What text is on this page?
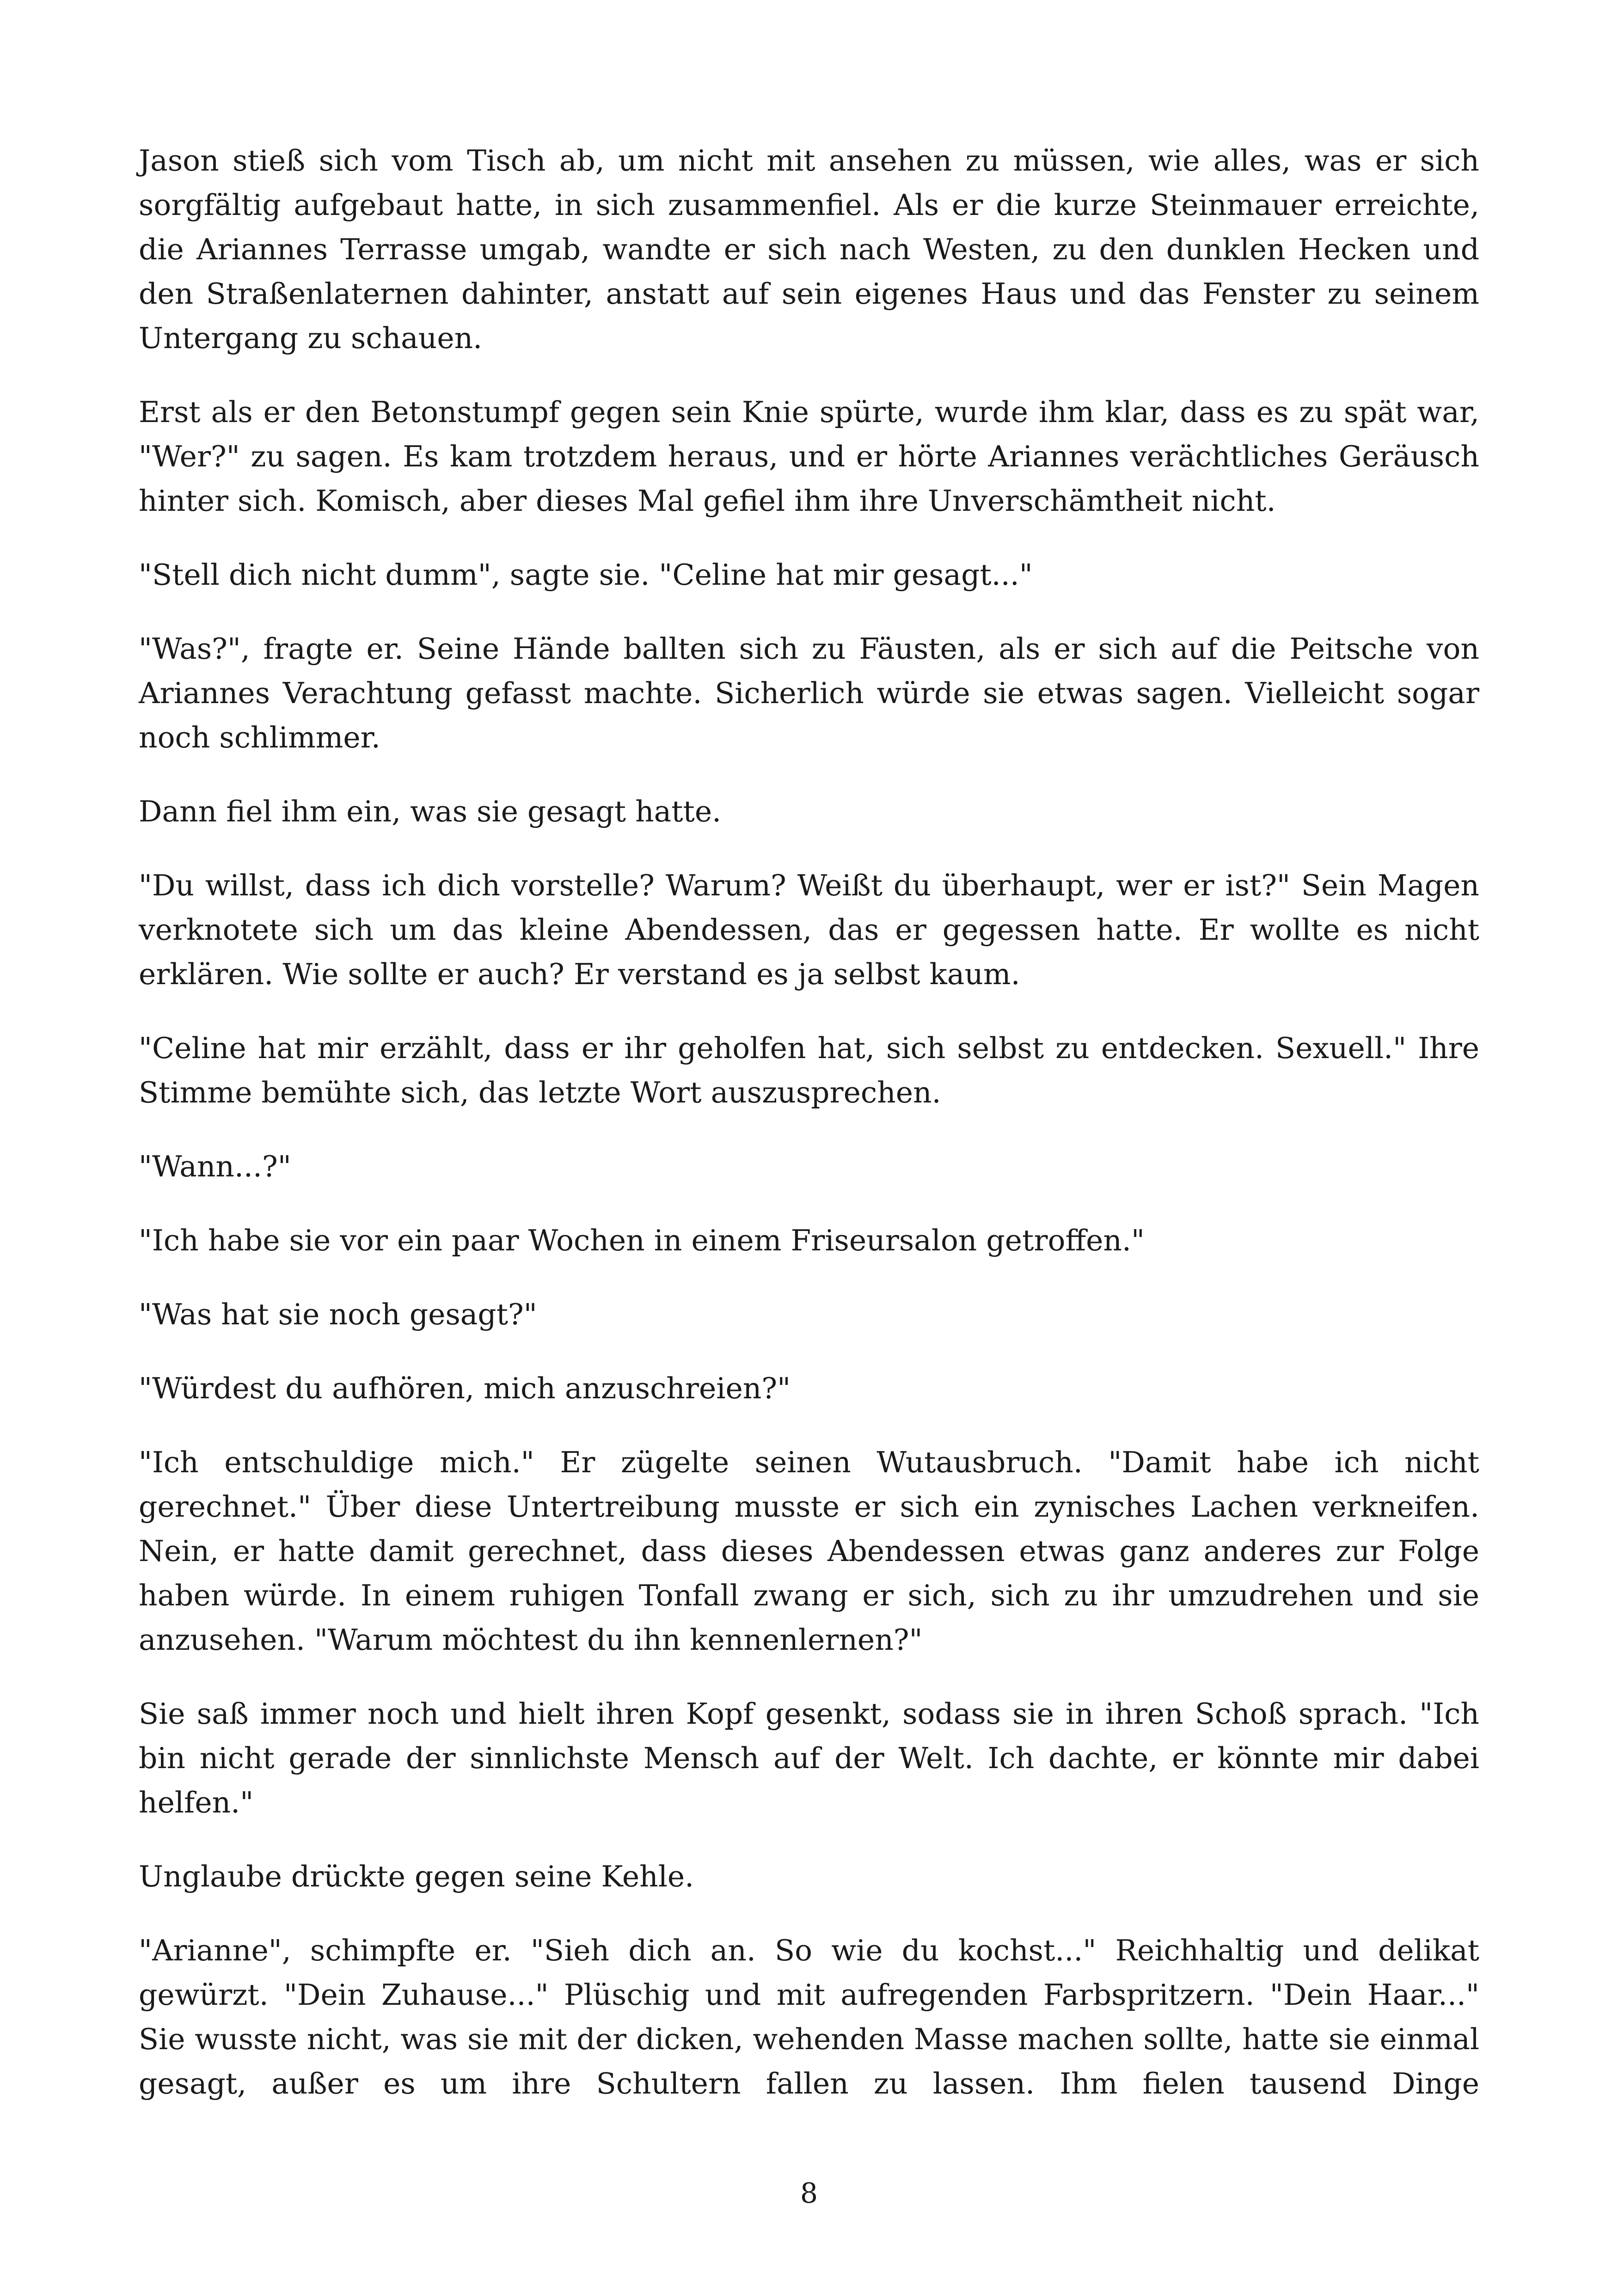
Jason stieß sich vom Tisch ab, um nicht mit ansehen zu müssen, wie alles, was er sich sorgfältig aufgebaut hatte, in sich zusammenfiel. Als er die kurze Steinmauer erreichte, die Ariannes Terrasse umgab, wandte er sich nach Westen, zu den dunklen Hecken und den Straßenlaternen dahinter, anstatt auf sein eigenes Haus und das Fenster zu seinem Untergang zu schauen.

Erst als er den Betonstumpf gegen sein Knie spürte, wurde ihm klar, dass es zu spät war, "Wer?" zu sagen. Es kam trotzdem heraus, und er hörte Ariannes verächtliches Geräusch hinter sich. Komisch, aber dieses Mal gefiel ihm ihre Unverschämtheit nicht.

"Stell dich nicht dumm", sagte sie. "Celine hat mir gesagt..."

"Was?", fragte er. Seine Hände ballten sich zu Fäusten, als er sich auf die Peitsche von Ariannes Verachtung gefasst machte. Sicherlich würde sie etwas sagen. Vielleicht sogar noch schlimmer.

Dann fiel ihm ein, was sie gesagt hatte.

"Du willst, dass ich dich vorstelle? Warum? Weißt du überhaupt, wer er ist?" Sein Magen verknotete sich um das kleine Abendessen, das er gegessen hatte. Er wollte es nicht erklären. Wie sollte er auch? Er verstand es ja selbst kaum.

"Celine hat mir erzählt, dass er ihr geholfen hat, sich selbst zu entdecken. Sexuell." Ihre Stimme bemühte sich, das letzte Wort auszusprechen.

"Wann...?"

"Ich habe sie vor ein paar Wochen in einem Friseursalon getroffen."

"Was hat sie noch gesagt?"

"Würdest du aufhören, mich anzuschreien?"

"Ich entschuldige mich." Er zügelte seinen Wutausbruch. "Damit habe ich nicht gerechnet." Über diese Untertreibung musste er sich ein zynisches Lachen verkneifen. Nein, er hatte damit gerechnet, dass dieses Abendessen etwas ganz anderes zur Folge haben würde. In einem ruhigen Tonfall zwang er sich, sich zu ihr umzudrehen und sie anzusehen. "Warum möchtest du ihn kennenlernen?"

Sie saß immer noch und hielt ihren Kopf gesenkt, sodass sie in ihren Schoß sprach. "Ich bin nicht gerade der sinnlichste Mensch auf der Welt. Ich dachte, er könnte mir dabei helfen."

Unglaube drückte gegen seine Kehle.

"Arianne", schimpfte er. "Sieh dich an. So wie du kochst..." Reichhaltig und delikat gewürzt. "Dein Zuhause..." Plüschig und mit aufregenden Farbspritzern. "Dein Haar..." Sie wusste nicht, was sie mit der dicken, wehenden Masse machen sollte, hatte sie einmal gesagt, außer es um ihre Schultern fallen zu lassen. Ihm fielen tausend Dinge

8
